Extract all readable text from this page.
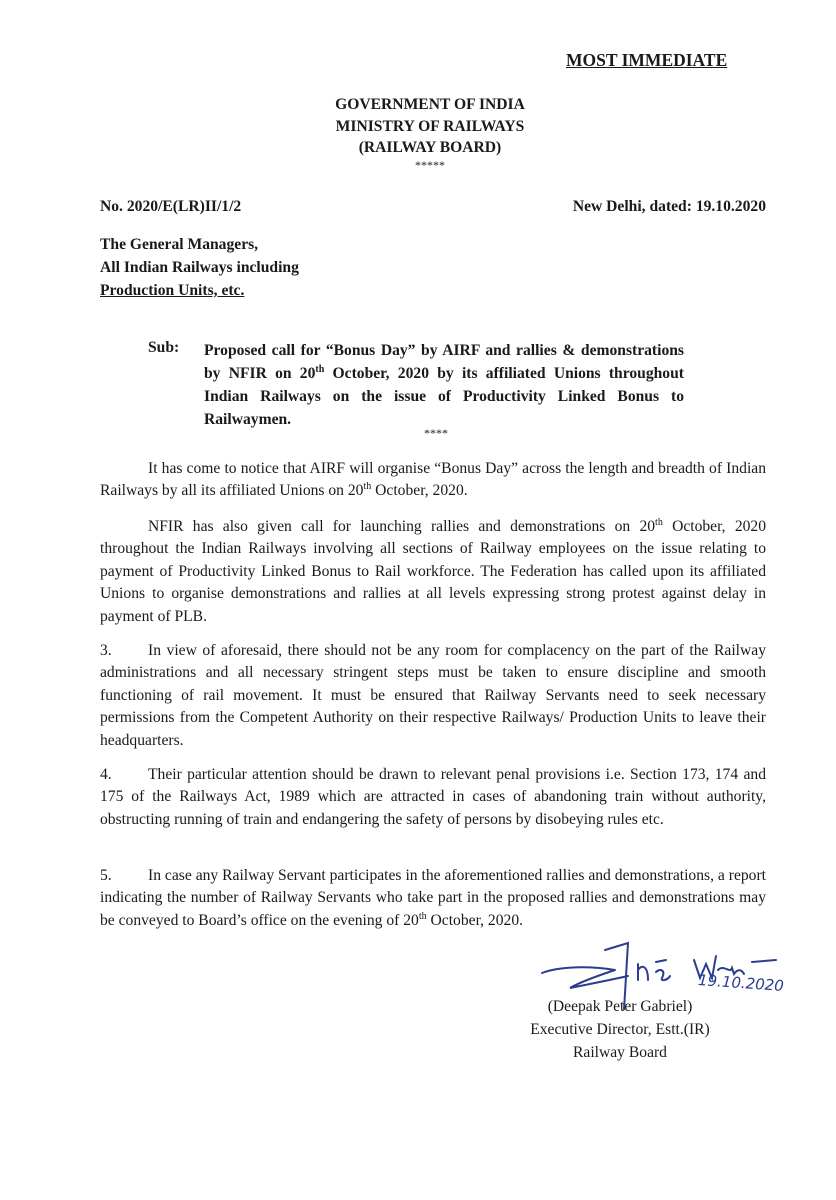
MOST IMMEDIATE
GOVERNMENT OF INDIA
MINISTRY OF RAILWAYS
(RAILWAY BOARD)
*****
No. 2020/E(LR)II/1/2	New Delhi, dated: 19.10.2020
The General Managers,
All Indian Railways including
Production Units, etc.
Sub: Proposed call for “Bonus Day” by AIRF and rallies & demonstrations by NFIR on 20th October, 2020 by its affiliated Unions throughout Indian Railways on the issue of Productivity Linked Bonus to Railwaymen.
****
It has come to notice that AIRF will organise “Bonus Day” across the length and breadth of Indian Railways by all its affiliated Unions on 20th October, 2020.
NFIR has also given call for launching rallies and demonstrations on 20th October, 2020 throughout the Indian Railways involving all sections of Railway employees on the issue relating to payment of Productivity Linked Bonus to Rail workforce. The Federation has called upon its affiliated Unions to organise demonstrations and rallies at all levels expressing strong protest against delay in payment of PLB.
3. In view of aforesaid, there should not be any room for complacency on the part of the Railway administrations and all necessary stringent steps must be taken to ensure discipline and smooth functioning of rail movement. It must be ensured that Railway Servants need to seek necessary permissions from the Competent Authority on their respective Railways/ Production Units to leave their headquarters.
4. Their particular attention should be drawn to relevant penal provisions i.e. Section 173, 174 and 175 of the Railways Act, 1989 which are attracted in cases of abandoning train without authority, obstructing running of train and endangering the safety of persons by disobeying rules etc.
5. In case any Railway Servant participates in the aforementioned rallies and demonstrations, a report indicating the number of Railway Servants who take part in the proposed rallies and demonstrations may be conveyed to Board’s office on the evening of 20th October, 2020.
19.10.2020
(Deepak Peter Gabriel)
Executive Director, Estt.(IR)
Railway Board
